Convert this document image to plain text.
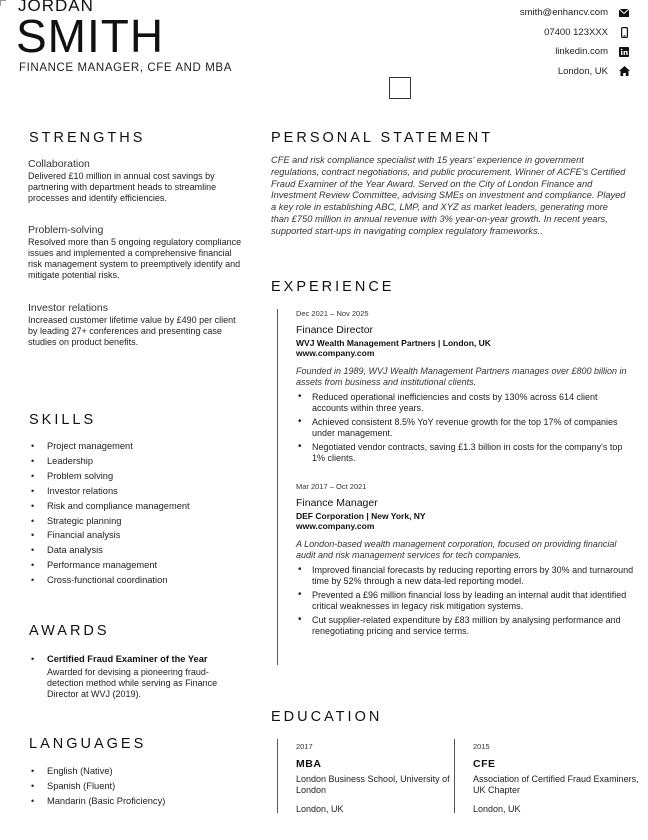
JORDAN
SMITH
FINANCE MANAGER, CFE AND MBA
smith@enhancv.com
07400 123XXX
linkedin.com
London, UK
STRENGTHS
Collaboration
Delivered £10 million in annual cost savings by partnering with department heads to streamline processes and identify efficiencies.
Problem-solving
Resolved more than 5 ongoing regulatory compliance issues and implemented a comprehensive financial risk management system to preemptively identify and mitigate potential risks.
Investor relations
Increased customer lifetime value by £490 per client by leading 27+ conferences and presenting case studies on product benefits.
SKILLS
• Project management
• Leadership
• Problem solving
• Investor relations
• Risk and compliance management
• Strategic planning
• Financial analysis
• Data analysis
• Performance management
• Cross-functional coordination
AWARDS
• Certified Fraud Examiner of the Year
Awarded for devising a pioneering fraud-detection method while serving as Finance Director at WVJ (2019).
LANGUAGES
• English (Native)
• Spanish (Fluent)
• Mandarin (Basic Proficiency)
PERSONAL STATEMENT
CFE and risk compliance specialist with 15 years' experience in government regulations, contract negotiations, and public procurement. Winner of ACFE's Certified Fraud Examiner of the Year Award. Served on the City of London Finance and Investment Review Committee, advising SMEs on investment and compliance. Played a key role in establishing ABC, LMP, and XYZ as market leaders, generating more than £750 million in annual revenue with 3% year-on-year growth. In recent years, supported start-ups in navigating complex regulatory frameworks..
EXPERIENCE
Dec 2021 – Nov 2025
Finance Director
WVJ Wealth Management Partners | London, UK
www.company.com
Founded in 1989, WVJ Wealth Management Partners manages over £800 billion in assets from business and institutional clients.
• Reduced operational inefficiencies and costs by 130% across 614 client accounts within three years.
• Achieved consistent 8.5% YoY revenue growth for the top 17% of companies under management.
• Negotiated vendor contracts, saving £1.3 billion in costs for the company's top 1% clients.
Mar 2017 – Oct 2021
Finance Manager
DEF Corporation | New York, NY
www.company.com
A London-based wealth management corporation, focused on providing financial audit and risk management services for tech companies.
• Improved financial forecasts by reducing reporting errors by 30% and turnaround time by 52% through a new data-led reporting model.
• Prevented a £96 million financial loss by leading an internal audit that identified critical weaknesses in legacy risk mitigation systems.
• Cut supplier-related expenditure by £83 million by analysing performance and renegotiating pricing and service terms.
EDUCATION
2017
MBA
London Business School, University of London
London, UK
2015
CFE
Association of Certified Fraud Examiners, UK Chapter
London, UK
